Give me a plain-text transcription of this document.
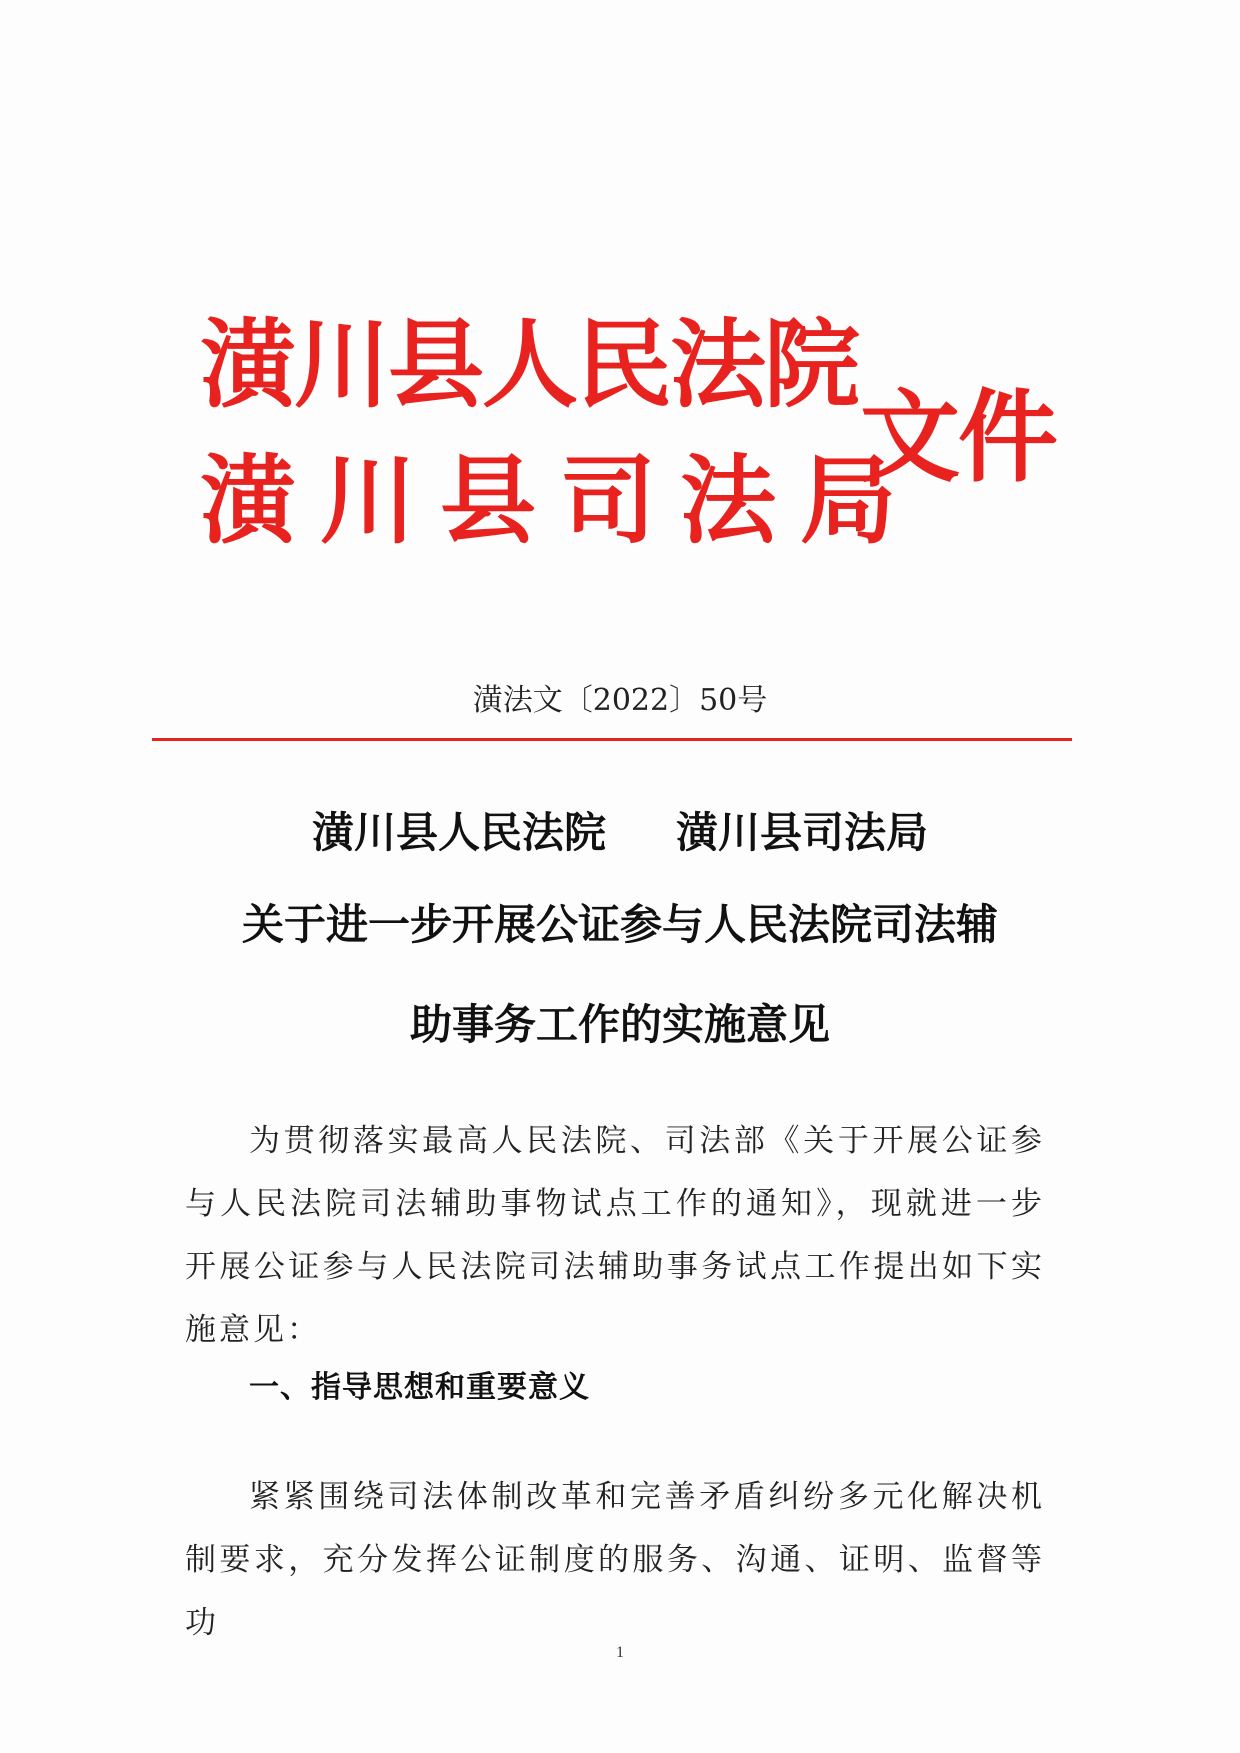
潢川县人民法院
潢川县司法局
文件
潢法文〔2022〕50号
潢川县人民法院 潢川县司法局
关于进一步开展公证参与人民法院司法辅
助事务工作的实施意见
为贯彻落实最高人民法院、司法部《关于开展公证参与人民法院司法辅助事物试点工作的通知》，现就进一步开展公证参与人民法院司法辅助事务试点工作提出如下实施意见：
一、指导思想和重要意义
紧紧围绕司法体制改革和完善矛盾纠纷多元化解决机制要求，充分发挥公证制度的服务、沟通、证明、监督等功
1
